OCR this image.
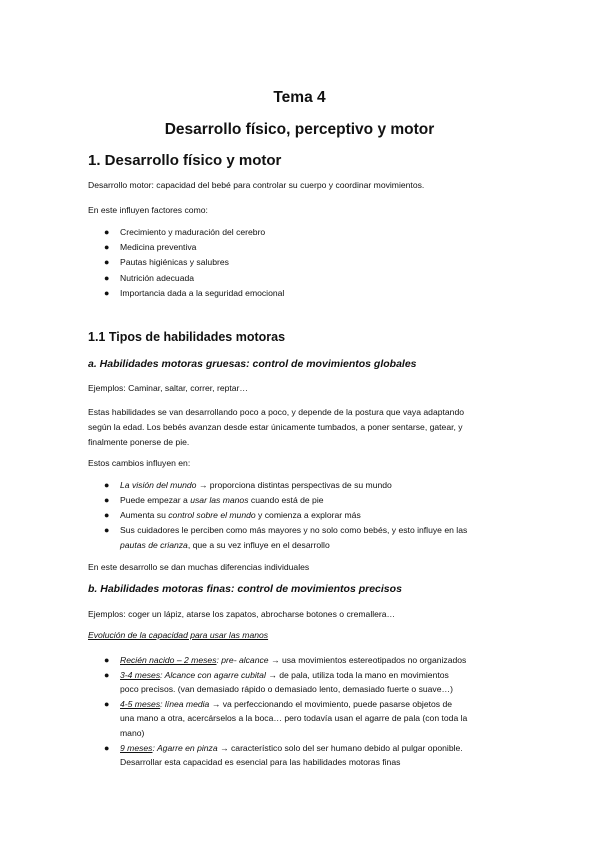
Tema 4
Desarrollo físico, perceptivo y motor
1. Desarrollo físico y motor
Desarrollo motor: capacidad del bebé para controlar su cuerpo y coordinar movimientos.
En este influyen factores como:
● Crecimiento y maduración del cerebro
● Medicina preventiva
● Pautas higiénicas y salubres
● Nutrición adecuada
● Importancia dada a la seguridad emocional
1.1 Tipos de habilidades motoras
a. Habilidades motoras gruesas: control de movimientos globales
Ejemplos: Caminar, saltar, correr, reptar…
Estas habilidades se van desarrollando poco a poco, y depende de la postura que vaya adaptando
según la edad. Los bebés avanzan desde estar únicamente tumbados, a poner sentarse, gatear, y
finalmente ponerse de pie.
Estos cambios influyen en:
● La visión del mundo → proporciona distintas perspectivas de su mundo
● Puede empezar a usar las manos cuando está de pie
● Aumenta su control sobre el mundo y comienza a explorar más
● Sus cuidadores le perciben como más mayores y no solo como bebés, y esto influye en las
pautas de crianza, que a su vez influye en el desarrollo
En este desarrollo se dan muchas diferencias individuales
b. Habilidades motoras finas: control de movimientos precisos
Ejemplos: coger un lápiz, atarse los zapatos, abrocharse botones o cremallera…
Evolución de la capacidad para usar las manos
● Recién nacido – 2 meses: pre- alcance → usa movimientos estereotipados no organizados
● 3-4 meses: Alcance con agarre cubital → de pala, utiliza toda la mano en movimientos
poco precisos. (van demasiado rápido o demasiado lento, demasiado fuerte o suave…)
● 4-5 meses: línea media → va perfeccionando el movimiento, puede pasarse objetos de
una mano a otra, acercárselos a la boca… pero todavía usan el agarre de pala (con toda la
mano)
● 9 meses: Agarre en pinza → característico solo del ser humano debido al pulgar oponible.
Desarrollar esta capacidad es esencial para las habilidades motoras finas
